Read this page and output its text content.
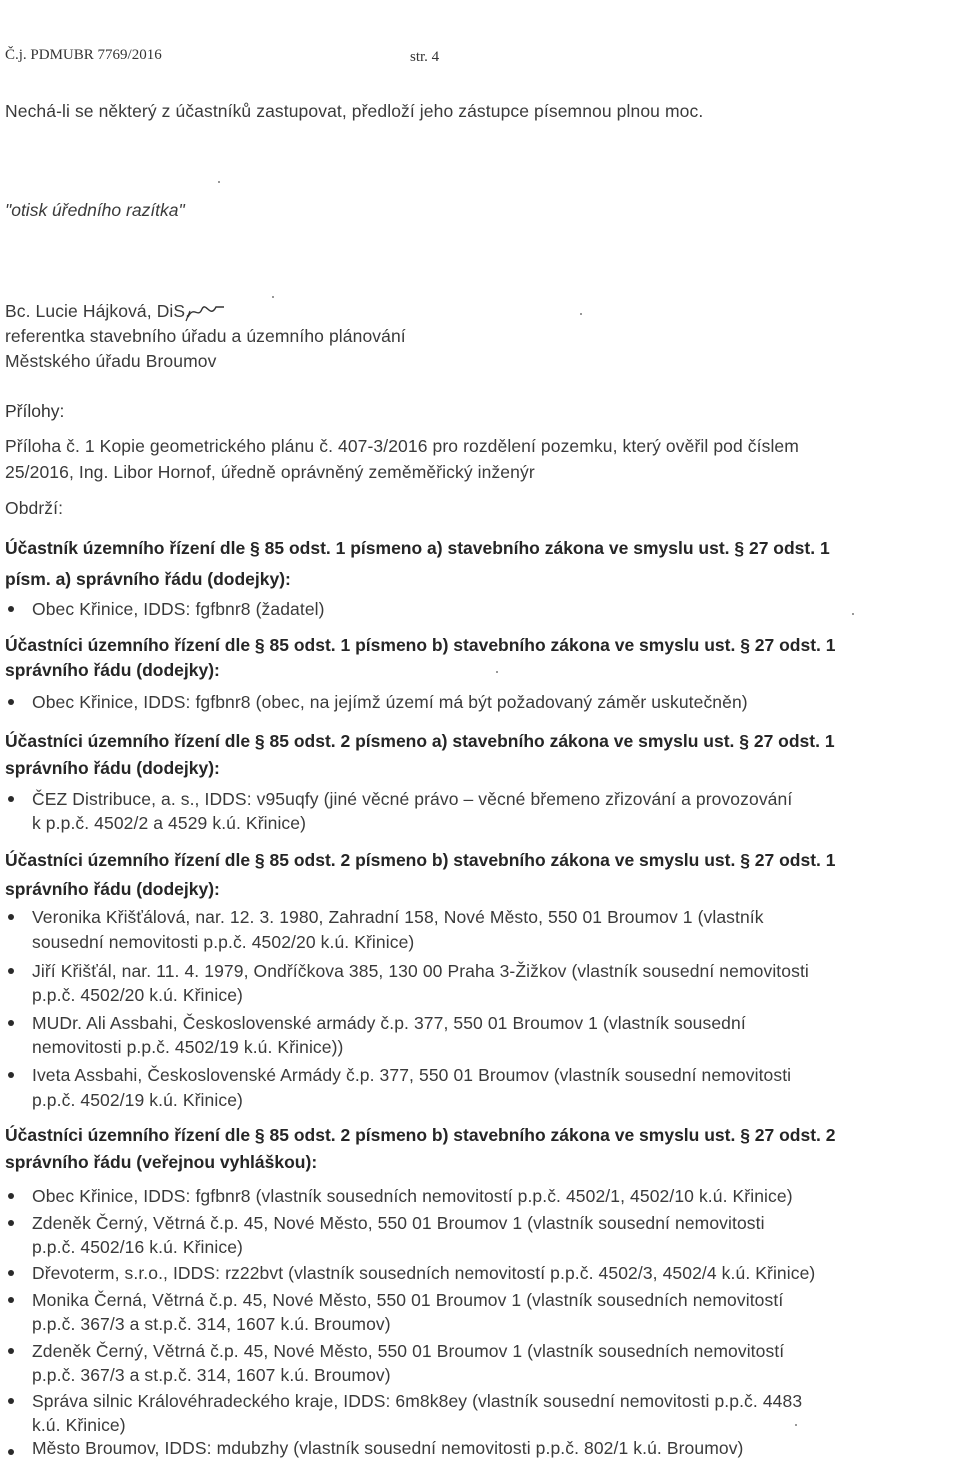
Č.j. PDMUBR 7769/2016	str. 4
Nechá-li se některý z účastníků zastupovat, předloží jeho zástupce písemnou plnou moc.
"otisk úředního razítka"
Bc. Lucie Hájková, DiS.
referentka stavebního úřadu a územního plánování
Městského úřadu Broumov
Přílohy:
Příloha č. 1 Kopie geometrického plánu č. 407-3/2016 pro rozdělení pozemku, který ověřil pod číslem
25/2016, Ing. Libor Hornof, úředně oprávněný zeměměřický inženýr
Obdrží:
Účastník územního řízení dle § 85 odst. 1 písmeno a) stavebního zákona ve smyslu ust. § 27 odst. 1
písm. a) správního řádu (dodejky):
Obec Křinice, IDDS: fgfbnr8 (žadatel)
Účastníci územního řízení dle § 85 odst. 1 písmeno b) stavebního zákona ve smyslu ust. § 27 odst. 1
správního řádu (dodejky):
Obec Křinice, IDDS: fgfbnr8 (obec, na jejímž území má být požadovaný záměr uskutečněn)
Účastníci územního řízení dle § 85 odst. 2 písmeno a) stavebního zákona ve smyslu ust. § 27 odst. 1
správního řádu (dodejky):
ČEZ Distribuce, a. s., IDDS: v95uqfy (jiné věcné právo – věcné břemeno zřizování a provozování
k p.p.č. 4502/2 a 4529 k.ú. Křinice)
Účastníci územního řízení dle § 85 odst. 2 písmeno b) stavebního zákona ve smyslu ust. § 27 odst. 1
správního řádu (dodejky):
Veronika Křišťálová, nar. 12. 3. 1980, Zahradní 158, Nové Město, 550 01 Broumov 1 (vlastník
sousední nemovitosti p.p.č. 4502/20 k.ú. Křinice)
Jiří Křišťál, nar. 11. 4. 1979, Ondříčkova 385, 130 00 Praha 3-Žižkov (vlastník sousední nemovitosti
p.p.č. 4502/20 k.ú. Křinice)
MUDr. Ali Assbahi, Československé armády č.p. 377, 550 01 Broumov 1 (vlastník sousední
nemovitosti p.p.č. 4502/19 k.ú. Křinice))
Iveta Assbahi, Československé Armády č.p. 377, 550 01 Broumov (vlastník sousední nemovitosti
p.p.č. 4502/19 k.ú. Křinice)
Účastníci územního řízení dle § 85 odst. 2 písmeno b) stavebního zákona ve smyslu ust. § 27 odst. 2
správního řádu (veřejnou vyhláškou):
Obec Křinice, IDDS: fgfbnr8 (vlastník sousedních nemovitostí p.p.č. 4502/1, 4502/10 k.ú. Křinice)
Zdeněk Černý, Větrná č.p. 45, Nové Město, 550 01 Broumov 1 (vlastník sousední nemovitosti
p.p.č. 4502/16 k.ú. Křinice)
Dřevoterm, s.r.o., IDDS: rz22bvt (vlastník sousedních nemovitostí p.p.č. 4502/3, 4502/4 k.ú. Křinice)
Monika Černá, Větrná č.p. 45, Nové Město, 550 01 Broumov 1 (vlastník sousedních nemovitostí
p.p.č. 367/3 a st.p.č. 314, 1607 k.ú. Broumov)
Zdeněk Černý, Větrná č.p. 45, Nové Město, 550 01 Broumov 1 (vlastník sousedních nemovitostí
p.p.č. 367/3 a st.p.č. 314, 1607 k.ú. Broumov)
Správa silnic Královéhradeckého kraje, IDDS: 6m8k8ey (vlastník sousední nemovitosti p.p.č. 4483
k.ú. Křinice)
Město Broumov, IDDS: mdubzhy (vlastník sousední nemovitosti p.p.č. 802/1 k.ú. Broumov)
